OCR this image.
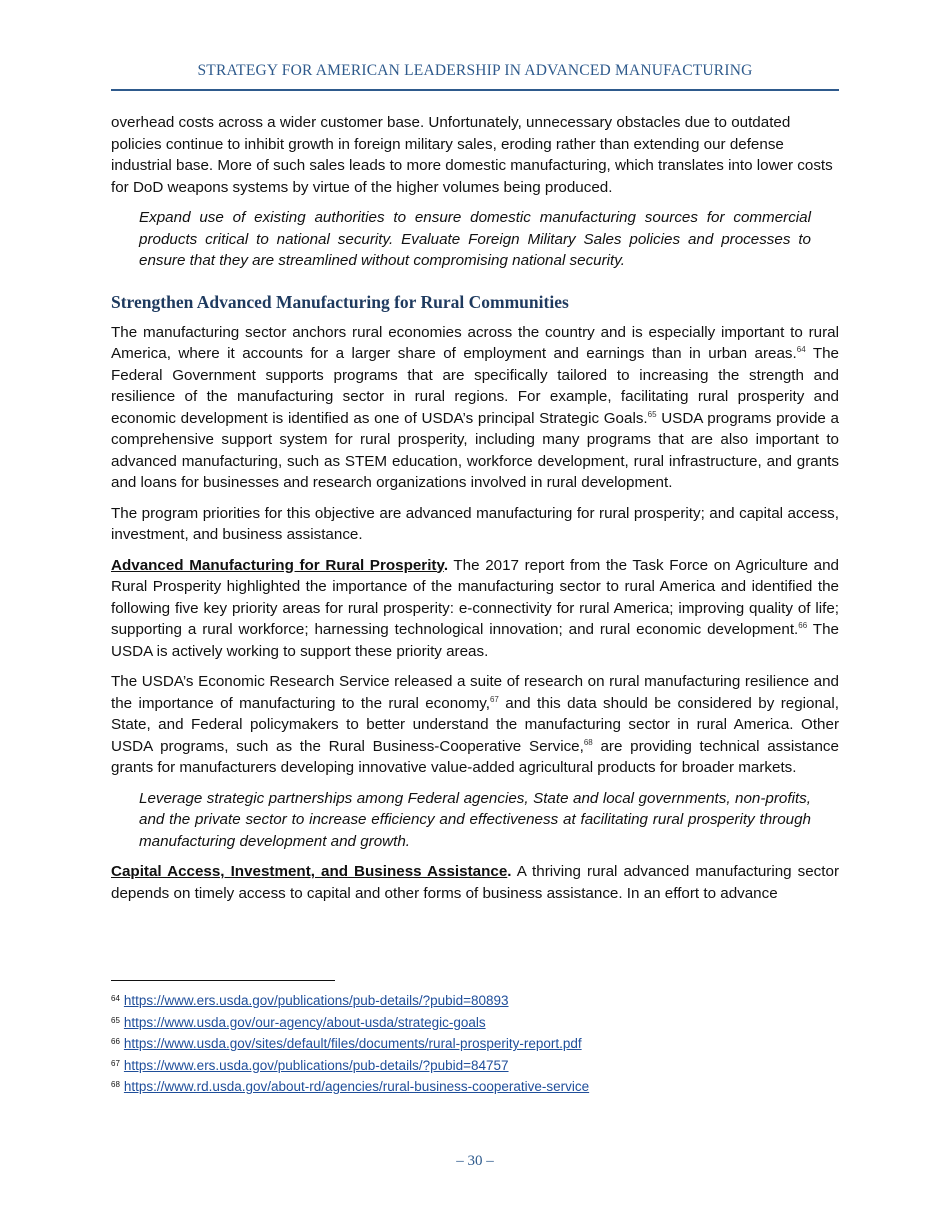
STRATEGY FOR AMERICAN LEADERSHIP IN ADVANCED MANUFACTURING

overhead costs across a wider customer base. Unfortunately, unnecessary obstacles due to outdated policies continue to inhibit growth in foreign military sales, eroding rather than extending our defense industrial base. More of such sales leads to more domestic manufacturing, which translates into lower costs for DoD weapons systems by virtue of the higher volumes being produced.

Expand use of existing authorities to ensure domestic manufacturing sources for commercial products critical to national security. Evaluate Foreign Military Sales policies and processes to ensure that they are streamlined without compromising national security.
Strengthen Advanced Manufacturing for Rural Communities

The manufacturing sector anchors rural economies across the country and is especially important to rural America, where it accounts for a larger share of employment and earnings than in urban areas.$^{64}$ The Federal Government supports programs that are specifically tailored to increasing the strength and resilience of the manufacturing sector in rural regions. For example, facilitating rural prosperity and economic development is identified as one of USDA’s principal Strategic Goals.$^{65}$ USDA programs provide a comprehensive support system for rural prosperity, including many programs that are also important to advanced manufacturing, such as STEM education, workforce development, rural infrastructure, and grants and loans for businesses and research organizations involved in rural development.

The program priorities for this objective are advanced manufacturing for rural prosperity; and capital access, investment, and business assistance.

Advanced Manufacturing for Rural Prosperity. The 2017 report from the Task Force on Agriculture and Rural Prosperity highlighted the importance of the manufacturing sector to rural America and identified the following five key priority areas for rural prosperity: e-connectivity for rural America; improving quality of life; supporting a rural workforce; harnessing technological innovation; and rural economic development.$^{66}$ The USDA is actively working to support these priority areas.

The USDA’s Economic Research Service released a suite of research on rural manufacturing resilience and the importance of manufacturing to the rural economy,$^{67}$ and this data should be considered by regional, State, and Federal policymakers to better understand the manufacturing sector in rural America. Other USDA programs, such as the Rural Business-Cooperative Service,$^{68}$ are providing technical assistance grants for manufacturers developing innovative value-added agricultural products for broader markets.

Leverage strategic partnerships among Federal agencies, State and local governments, non-profits, and the private sector to increase efficiency and effectiveness at facilitating rural prosperity through manufacturing development and growth.

Capital Access, Investment, and Business Assistance. A thriving rural advanced manufacturing sector depends on timely access to capital and other forms of business assistance. In an effort to advance

$^{64}$ https://www.ers.usda.gov/publications/pub-details/?pubid=80893
$^{65}$ https://www.usda.gov/our-agency/about-usda/strategic-goals
$^{66}$ https://www.usda.gov/sites/default/files/documents/rural-prosperity-report.pdf
$^{67}$ https://www.ers.usda.gov/publications/pub-details/?pubid=84757
$^{68}$ https://www.rd.usda.gov/about-rd/agencies/rural-business-cooperative-service
– 30 –
